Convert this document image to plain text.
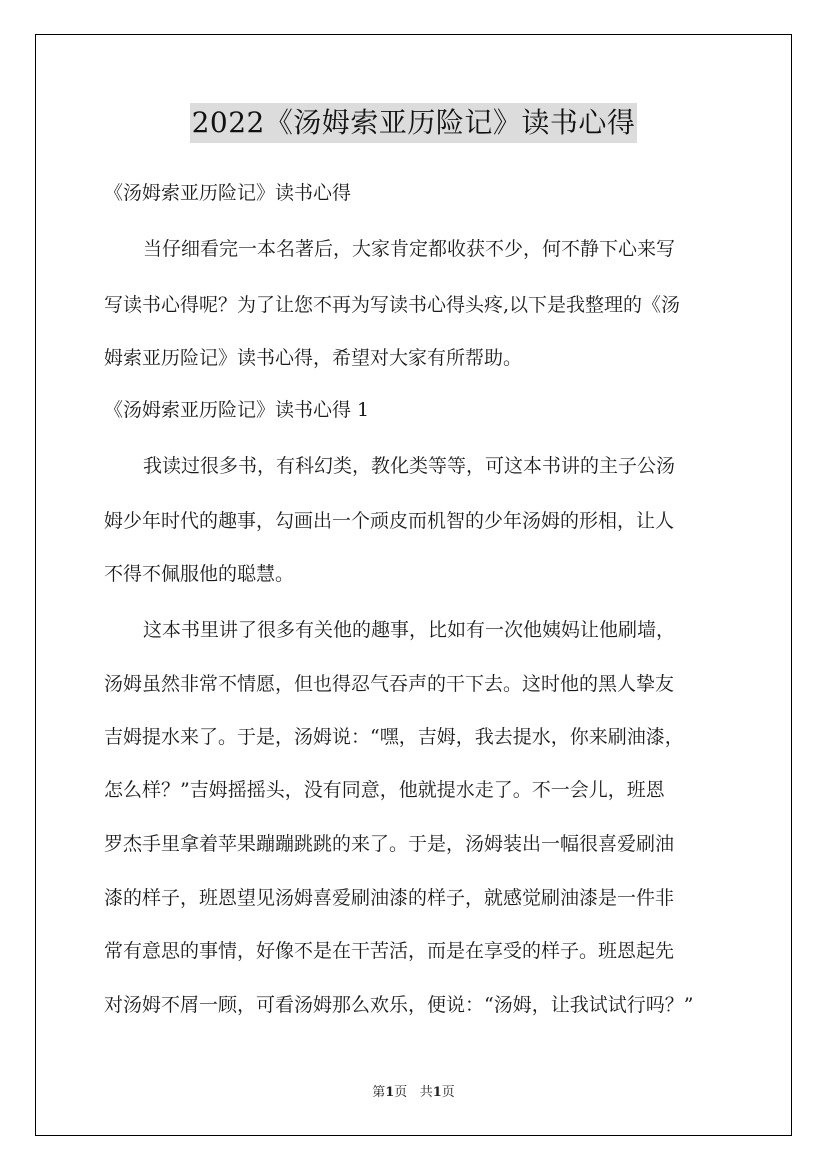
2022《汤姆索亚历险记》读书心得
《汤姆索亚历险记》读书心得
当仔细看完一本名著后，大家肯定都收获不少，何不静下心来写
写读书心得呢？为了让您不再为写读书心得头疼,以下是我整理的《汤
姆索亚历险记》读书心得，希望对大家有所帮助。
《汤姆索亚历险记》读书心得 1
我读过很多书，有科幻类，教化类等等，可这本书讲的主子公汤
姆少年时代的趣事，勾画出一个顽皮而机智的少年汤姆的形相，让人
不得不佩服他的聪慧。
这本书里讲了很多有关他的趣事，比如有一次他姨妈让他刷墙，
汤姆虽然非常不情愿，但也得忍气吞声的干下去。这时他的黑人挚友
吉姆提水来了。于是，汤姆说：“嘿，吉姆，我去提水，你来刷油漆，
怎么样？”吉姆摇摇头，没有同意，他就提水走了。不一会儿，班恩
罗杰手里拿着苹果蹦蹦跳跳的来了。于是，汤姆装出一幅很喜爱刷油
漆的样子，班恩望见汤姆喜爱刷油漆的样子，就感觉刷油漆是一件非
常有意思的事情，好像不是在干苦活，而是在享受的样子。班恩起先
对汤姆不屑一顾，可看汤姆那么欢乐，便说：“汤姆，让我试试行吗？”
第1页 共1页
